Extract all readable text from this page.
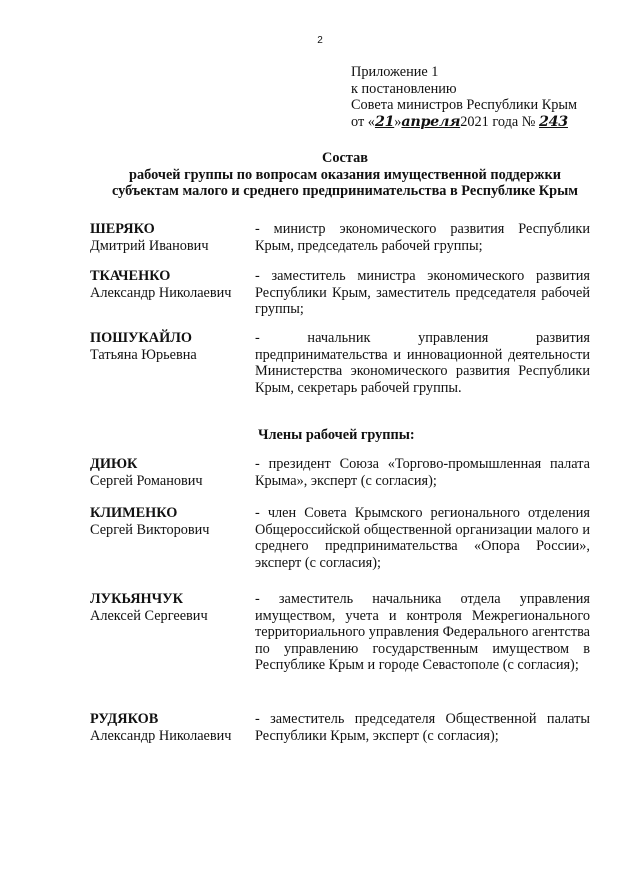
2
Приложение 1
к постановлению
Совета министров Республики Крым
от «21»апреля2021 года № 243
Состав
рабочей группы по вопросам оказания имущественной поддержки
субъектам малого и среднего предпринимательства в Республике Крым
ШЕРЯКО
Дмитрий Иванович
- министр экономического развития Республики Крым, председатель рабочей группы;
ТКАЧЕНКО
Александр Николаевич
- заместитель министра экономического развития Республики Крым, заместитель председателя рабочей группы;
ПОШУКАЙЛО
Татьяна Юрьевна
- начальник управления развития предпринимательства и инновационной деятельности Министерства экономического развития Республики Крым, секретарь рабочей группы.
Члены рабочей группы:
ДИЮК
Сергей Романович
- президент Союза «Торгово-промышленная палата Крыма», эксперт (с согласия);
КЛИМЕНКО
Сергей Викторович
- член Совета Крымского регионального отделения Общероссийской общественной организации малого и среднего предпринимательства «Опора России», эксперт (с согласия);
ЛУКЬЯНЧУК
Алексей Сергеевич
- заместитель начальника отдела управления имуществом, учета и контроля Межрегионального территориального управления Федерального агентства по управлению государственным имуществом в Республике Крым и городе Севастополе (с согласия);
РУДЯКОВ
Александр Николаевич
- заместитель председателя Общественной палаты Республики Крым, эксперт (с согласия);
